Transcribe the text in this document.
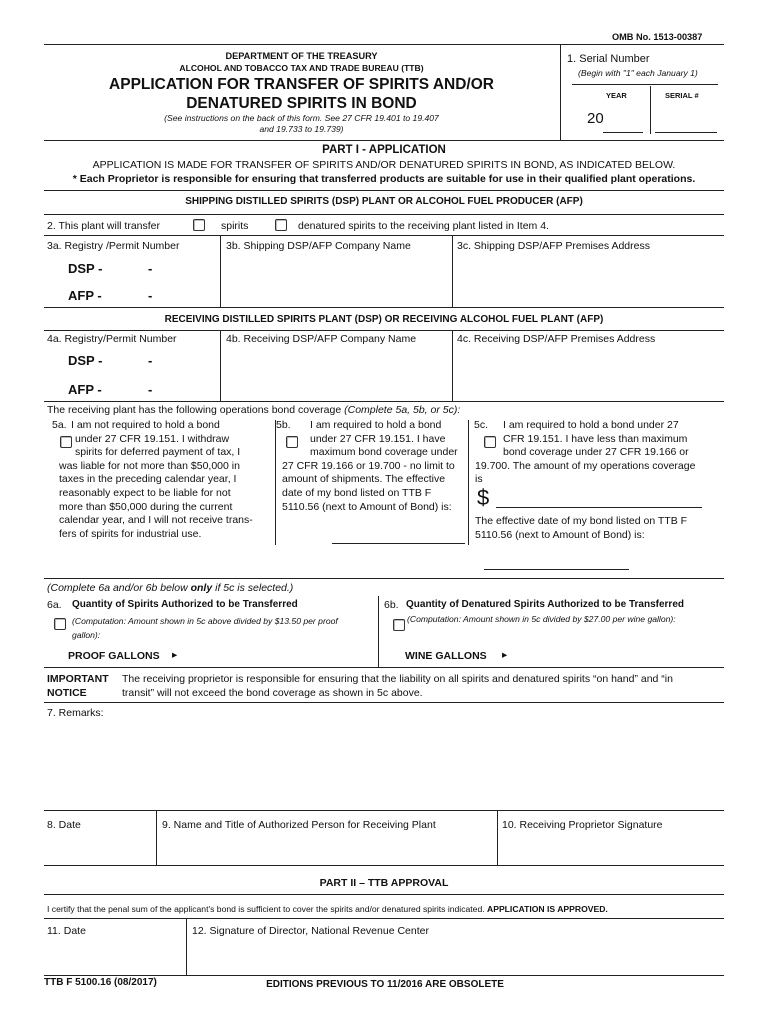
OMB No. 1513-00387
DEPARTMENT OF THE TREASURY
ALCOHOL AND TOBACCO TAX AND TRADE BUREAU (TTB)
APPLICATION FOR TRANSFER OF SPIRITS AND/OR
DENATURED SPIRITS IN BOND
(See instructions on the back of this form. See 27 CFR 19.401 to 19.407
and 19.733 to 19.739)
1. Serial Number
(Begin with "1" each January 1)
YEAR	SERIAL #
20
PART I - APPLICATION
APPLICATION IS MADE FOR TRANSFER OF SPIRITS AND/OR DENATURED SPIRITS IN BOND, AS INDICATED BELOW.
* Each Proprietor is responsible for ensuring that transferred products are suitable for use in their qualified plant operations.
SHIPPING DISTILLED SPIRITS (DSP) PLANT OR ALCOHOL FUEL PRODUCER (AFP)
2. This plant will transfer	spirits	denatured spirits to the receiving plant listed in Item 4.
3a. Registry /Permit Number	3b. Shipping DSP/AFP Company Name	3c. Shipping DSP/AFP Premises Address
DSP -	-
AFP -	-
RECEIVING DISTILLED SPIRITS PLANT (DSP) OR RECEIVING ALCOHOL FUEL PLANT (AFP)
4a. Registry/Permit Number	4b. Receiving DSP/AFP Company Name	4c. Receiving DSP/AFP Premises Address
DSP -	-
AFP -	-
The receiving plant has the following operations bond coverage (Complete 5a, 5b, or 5c):
5a. I am not required to hold a bond
under 27 CFR 19.151. I withdraw
spirits for deferred payment of tax, I
was liable for not more than $50,000 in
taxes in the preceding calendar year, I
reasonably expect to be liable for not
more than $50,000 during the current
calendar year, and I will not receive trans-
fers of spirits for industrial use.
5b.	I am required to hold a bond
under 27 CFR 19.151. I have
maximum bond coverage under
27 CFR 19.166 or 19.700 - no limit to
amount of shipments. The effective
date of my bond listed on TTB F
5110.56 (next to Amount of Bond) is:
5c.	I am required to hold a bond under 27
CFR 19.151. I have less than maximum
bond coverage under 27 CFR 19.166 or
19.700. The amount of my operations coverage
is
$
The effective date of my bond listed on TTB F
5110.56 (next to Amount of Bond) is:
(Complete 6a and/or 6b below only if 5c is selected.)
6a. Quantity of Spirits Authorized to be Transferred
(Computation: Amount shown in 5c above divided by $13.50 per proof
gallon):
6b. Quantity of Denatured Spirits Authorized to be Transferred
(Computation: Amount shown in 5c divided by $27.00 per wine gallon):
PROOF GALLONS ▸	WINE GALLONS ▸
IMPORTANT
NOTICE
The receiving proprietor is responsible for ensuring that the liability on all spirits and denatured spirits “on hand” and “in
transit” will not exceed the bond coverage as shown in 5c above.
7. Remarks:
8. Date	9. Name and Title of Authorized Person for Receiving Plant	10. Receiving Proprietor Signature
PART II – TTB APPROVAL
I certify that the penal sum of the applicant's bond is sufficient to cover the spirits and/or denatured spirits indicated. APPLICATION IS APPROVED.
11. Date	12. Signature of Director, National Revenue Center
TTB F 5100.16 (08/2017)	EDITIONS PREVIOUS TO 11/2016 ARE OBSOLETE
